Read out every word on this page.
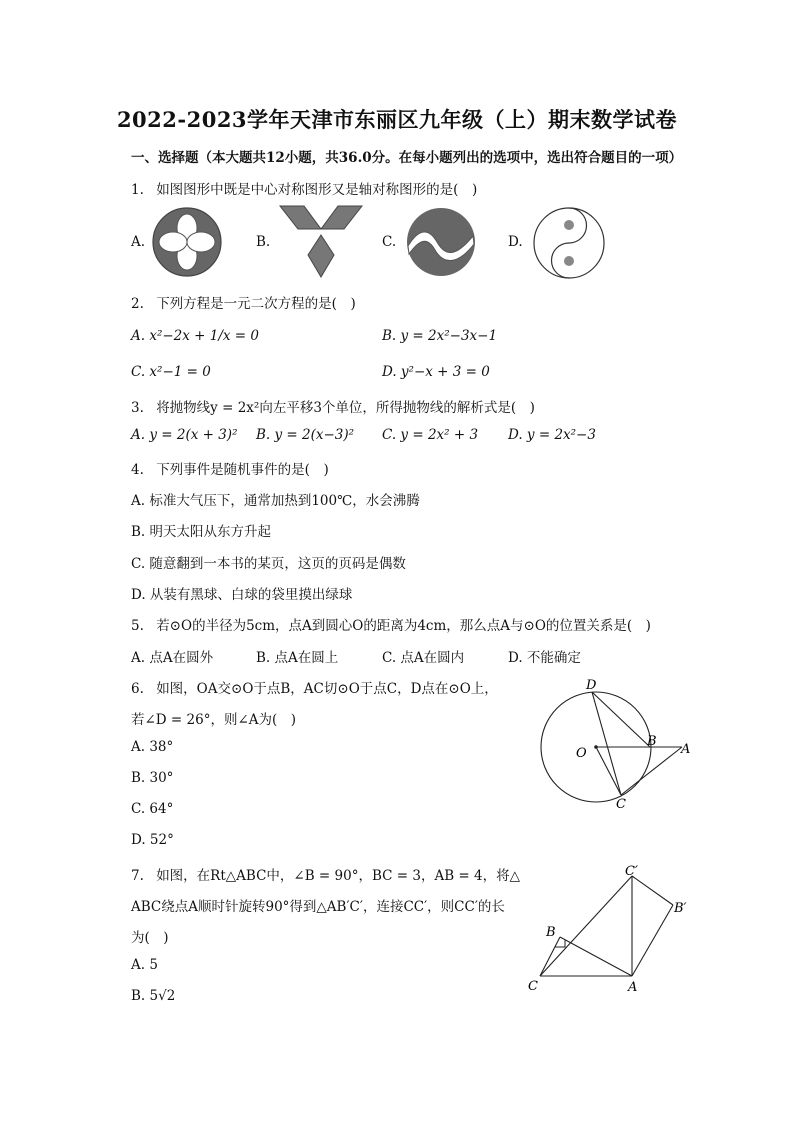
2022-2023学年天津市东丽区九年级（上）期末数学试卷
一、选择题（本大题共12小题，共36.0分。在每小题列出的选项中，选出符合题目的一项）
1. 如图图形中既是中心对称图形又是轴对称图形的是(　)
A.	B.	C.	D.
2. 下列方程是一元二次方程的是(　)
A. x²−2x + 1/x = 0	B. y = 2x²−3x−1
C. x²−1 = 0	D. y²−x + 3 = 0
3. 将抛物线y = 2x²向左平移3个单位，所得抛物线的解析式是(　)
A. y = 2(x + 3)² B. y = 2(x−3)² C. y = 2x² + 3 D. y = 2x²−3
4. 下列事件是随机事件的是(　)
A. 标准大气压下，通常加热到100℃，水会沸腾
B. 明天太阳从东方升起
C. 随意翻到一本书的某页，这页的页码是偶数
D. 从装有黑球、白球的袋里摸出绿球
5. 若⊙O的半径为5cm，点A到圆心O的距离为4cm，那么点A与⊙O的位置关系是(　)
A. 点A在圆外	B. 点A在圆上	C. 点A在圆内	D. 不能确定
6. 如图，OA交⊙O于点B，AC切⊙O于点C，D点在⊙O上，
若∠D = 26°，则∠A为(　)
A. 38°
B. 30°
C. 64°
D. 52°
D
O
B
A
C
7. 如图，在Rt△ABC中，∠B = 90°，BC = 3，AB = 4，将△
ABC绕点A顺时针旋转90°得到△AB′C′，连接CC′，则CC′的长
为(　)
A. 5
B. 5√2
C′
B′
B
C	A
